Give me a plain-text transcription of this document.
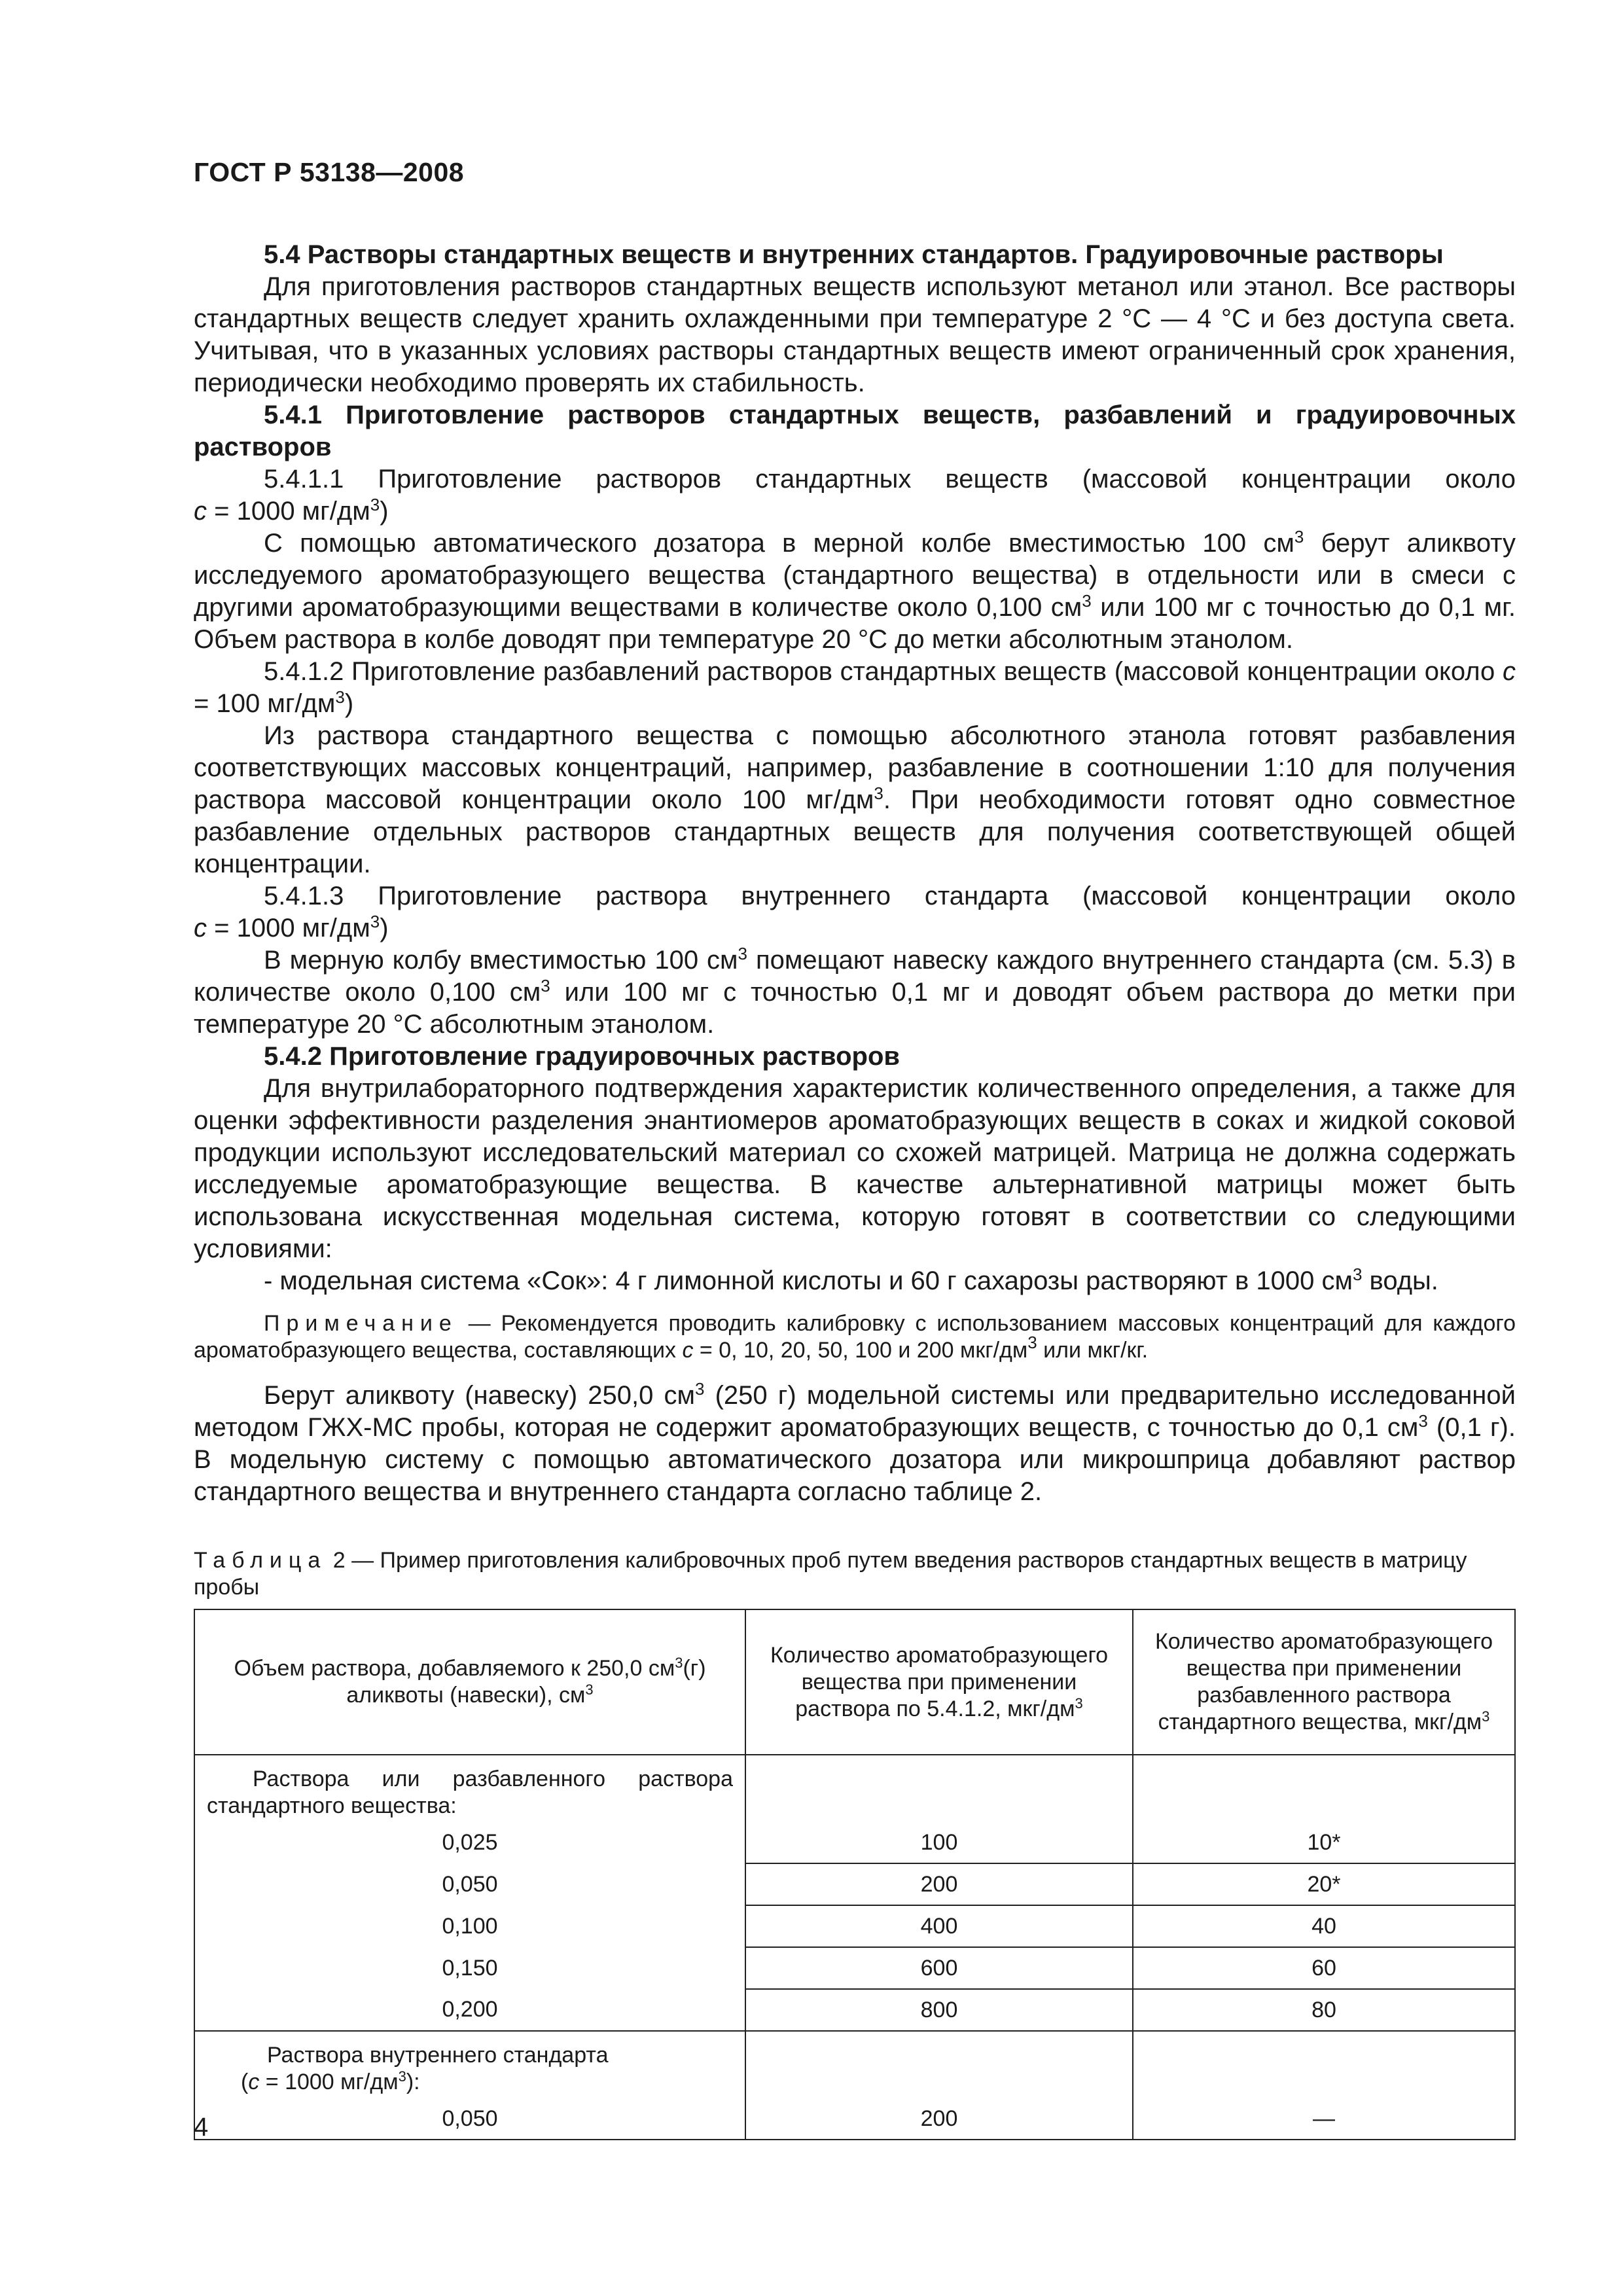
ГОСТ Р 53138—2008

5.4 Растворы стандартных веществ и внутренних стандартов. Градуировочные растворы

Для приготовления растворов стандартных веществ используют метанол или этанол. Все растворы стандартных веществ следует хранить охлажденными при температуре 2 °С — 4 °С и без доступа света. Учитывая, что в указанных условиях растворы стандартных веществ имеют ограниченный срок хранения, периодически необходимо проверять их стабильность.

5.4.1 Приготовление растворов стандартных веществ, разбавлений и градуировочных растворов

5.4.1.1 Приготовление растворов стандартных веществ (массовой концентрации около
с = 1000 $мг/дм^3$)

С помощью автоматического дозатора в мерной колбе вместимостью 100 $см^3$ берут аликвоту исследуемого ароматобразующего вещества (стандартного вещества) в отдельности или в смеси с другими ароматобразующими веществами в количестве около 0,100 $см^3$ или 100 мг с точностью до 0,1 мг. Объем раствора в колбе доводят при температуре 20 °С до метки абсолютным этанолом.

5.4.1.2 Приготовление разбавлений растворов стандартных веществ (массовой концентрации около с = 100 $мг/дм^3$)

Из раствора стандартного вещества с помощью абсолютного этанола готовят разбавления соответствующих массовых концентраций, например, разбавление в соотношении 1:10 для получения раствора массовой концентрации около 100 $мг/дм^3$. При необходимости готовят одно совместное разбавление отдельных растворов стандартных веществ для получения соответствующей общей концентрации.

5.4.1.3 Приготовление раствора внутреннего стандарта (массовой концентрации около
с = 1000 $мг/дм^3$)

В мерную колбу вместимостью 100 $см^3$ помещают навеску каждого внутреннего стандарта (см. 5.3) в количестве около 0,100 $см^3$ или 100 мг с точностью 0,1 мг и доводят объем раствора до метки при температуре 20 °С абсолютным этанолом.

5.4.2 Приготовление градуировочных растворов

Для внутрилабораторного подтверждения характеристик количественного определения, а также для оценки эффективности разделения энантиомеров ароматобразующих веществ в соках и жидкой соковой продукции используют исследовательский материал со схожей матрицей. Матрица не должна содержать исследуемые ароматобразующие вещества. В качестве альтернативной матрицы может быть использована искусственная модельная система, которую готовят в соответствии со следующими условиями:

- модельная система «Сок»: 4 г лимонной кислоты и 60 г сахарозы растворяют в 1000 $см^3$ воды.

Примечание — Рекомендуется проводить калибровку с использованием массовых концентраций для каждого ароматобразующего вещества, составляющих с = 0, 10, 20, 50, 100 и 200 мкг/$дм^3$ или мкг/кг.

Берут аликвоту (навеску) 250,0 $см^3$ (250 г) модельной системы или предварительно исследованной методом ГЖХ-МС пробы, которая не содержит ароматобразующих веществ, с точностью до 0,1 $см^3$ (0,1 г). В модельную систему с помощью автоматического дозатора или микрошприца добавляют раствор стандартного вещества и внутреннего стандарта согласно таблице 2.

Таблица 2 — Пример приготовления калибровочных проб путем введения растворов стандартных веществ в матрицу пробы

Объем раствора, добавляемого к 250,0 $см^3(г)$ аликвоты (навески), $см^3$	Количество ароматобразующего вещества при применении раствора по 5.4.1.2, мкг/$дм^3$	Количество ароматобразующего вещества при применении разбавленного раствора стандартного вещества, мкг/$дм^3$

Раствора или разбавленного раствора стандартного вещества:		

0,025	100	10*
0,050	200	20*
0,100	400	40
0,150	600	60
0,200	800	80

Раствора внутреннего стандарта
(с = 1000 $мг/дм^3$):		
0,050	200	—
4
